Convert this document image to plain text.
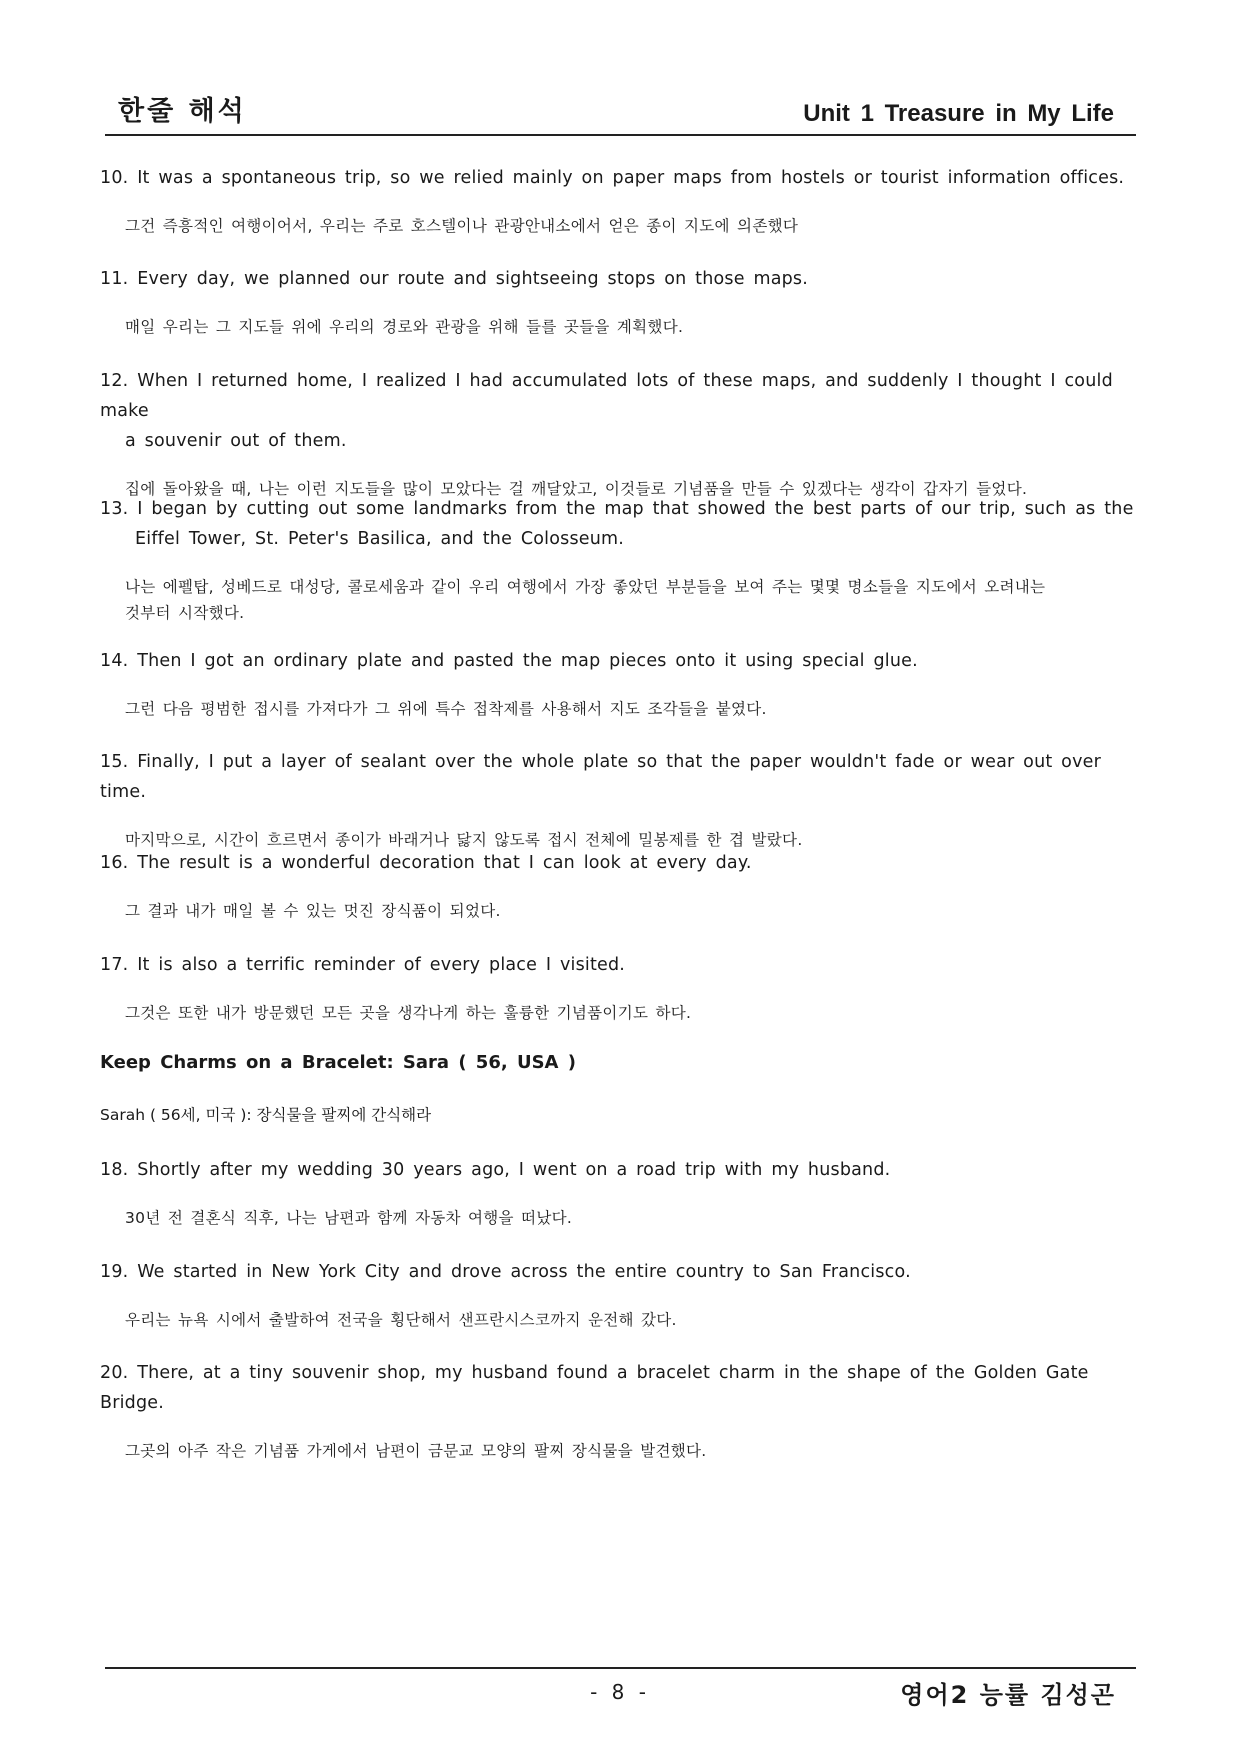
한줄 해석	Unit 1 Treasure in My Life
10. It was a spontaneous trip, so we relied mainly on paper maps from hostels or tourist information offices.
그건 즉흥적인 여행이어서, 우리는 주로 호스텔이나 관광안내소에서 얻은 종이 지도에 의존했다
11. Every day, we planned our route and sightseeing stops on those maps.
매일 우리는 그 지도들 위에 우리의 경로와 관광을 위해 들를 곳들을 계획했다.
12. When I returned home, I realized I had accumulated lots of these maps, and suddenly I thought I could make
a souvenir out of them.
집에 돌아왔을 때, 나는 이런 지도들을 많이 모았다는 걸 깨달았고, 이것들로 기념품을 만들 수 있겠다는 생각이 갑자기 들었다.
13. I began by cutting out some landmarks from the map that showed the best parts of our trip, such as the
Eiffel Tower, St. Peter's Basilica, and the Colosseum.
나는 에펠탑, 성베드로 대성당, 콜로세움과 같이 우리 여행에서 가장 좋았던 부분들을 보여 주는 몇몇 명소들을 지도에서 오려내는
것부터 시작했다.
14. Then I got an ordinary plate and pasted the map pieces onto it using special glue.
그런 다음 평범한 접시를 가져다가 그 위에 특수 접착제를 사용해서 지도 조각들을 붙였다.
15. Finally, I put a layer of sealant over the whole plate so that the paper wouldn't fade or wear out over time.
마지막으로, 시간이 흐르면서 종이가 바래거나 닳지 않도록 접시 전체에 밀봉제를 한 겹 발랐다.
16. The result is a wonderful decoration that I can look at every day.
그 결과 내가 매일 볼 수 있는 멋진 장식품이 되었다.
17. It is also a terrific reminder of every place I visited.
그것은 또한 내가 방문했던 모든 곳을 생각나게 하는 훌륭한 기념품이기도 하다.
Keep Charms on a Bracelet: Sara ( 56, USA )
Sarah ( 56세, 미국 ): 장식물을 팔찌에 간식해라
18. Shortly after my wedding 30 years ago, I went on a road trip with my husband.
30년 전 결혼식 직후, 나는 남편과 함께 자동차 여행을 떠났다.
19. We started in New York City and drove across the entire country to San Francisco.
우리는 뉴욕 시에서 출발하여 전국을 횡단해서 샌프란시스코까지 운전해 갔다.
20. There, at a tiny souvenir shop, my husband found a bracelet charm in the shape of the Golden Gate Bridge.
그곳의 아주 작은 기념품 가게에서 남편이 금문교 모양의 팔찌 장식물을 발견했다.
- 8 -	영어2 능률 김성곤
